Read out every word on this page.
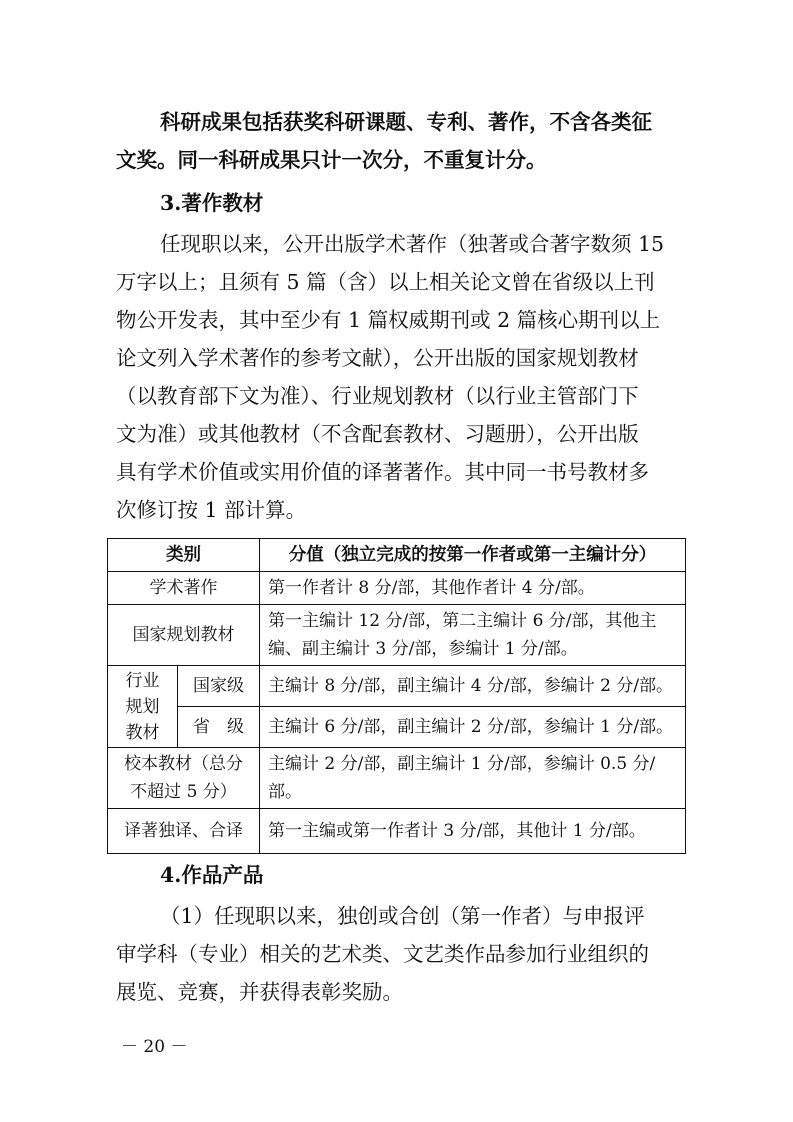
科研成果包括获奖科研课题、专利、著作，不含各类征
文奖。同一科研成果只计一次分，不重复计分。

3.著作教材

任现职以来，公开出版学术著作（独著或合著字数须 15
万字以上；且须有 5 篇（含）以上相关论文曾在省级以上刊
物公开发表，其中至少有 1 篇权威期刊或 2 篇核心期刊以上
论文列入学术著作的参考文献），公开出版的国家规划教材
（以教育部下文为准）、行业规划教材（以行业主管部门下
文为准）或其他教材（不含配套教材、习题册），公开出版
具有学术价值或实用价值的译著著作。其中同一书号教材多
次修订按 1 部计算。

类别		分值（独立完成的按第一作者或第一主编计分）
学术著作		第一作者计 8 分/部，其他作者计 4 分/部。
国家规划教材		第一主编计 12 分/部，第二主编计 6 分/部，其他主
编、副主编计 3 分/部，参编计 1 分/部。

行业
规划
教材	国家级	主编计 8 分/部，副主编计 4 分/部，参编计 2 分/部。
	省　级	主编计 6 分/部，副主编计 2 分/部，参编计 1 分/部。

校本教材（总分
不超过 5 分）		主编计 2 分/部，副主编计 1 分/部，参编计 0.5 分/
部。

译著独译、合译		第一主编或第一作者计 3 分/部，其他计 1 分/部。
4.作品产品

（1）任现职以来，独创或合创（第一作者）与申报评
审学科（专业）相关的艺术类、文艺类作品参加行业组织的
展览、竞赛，并获得表彰奖励。

－ 20 －
